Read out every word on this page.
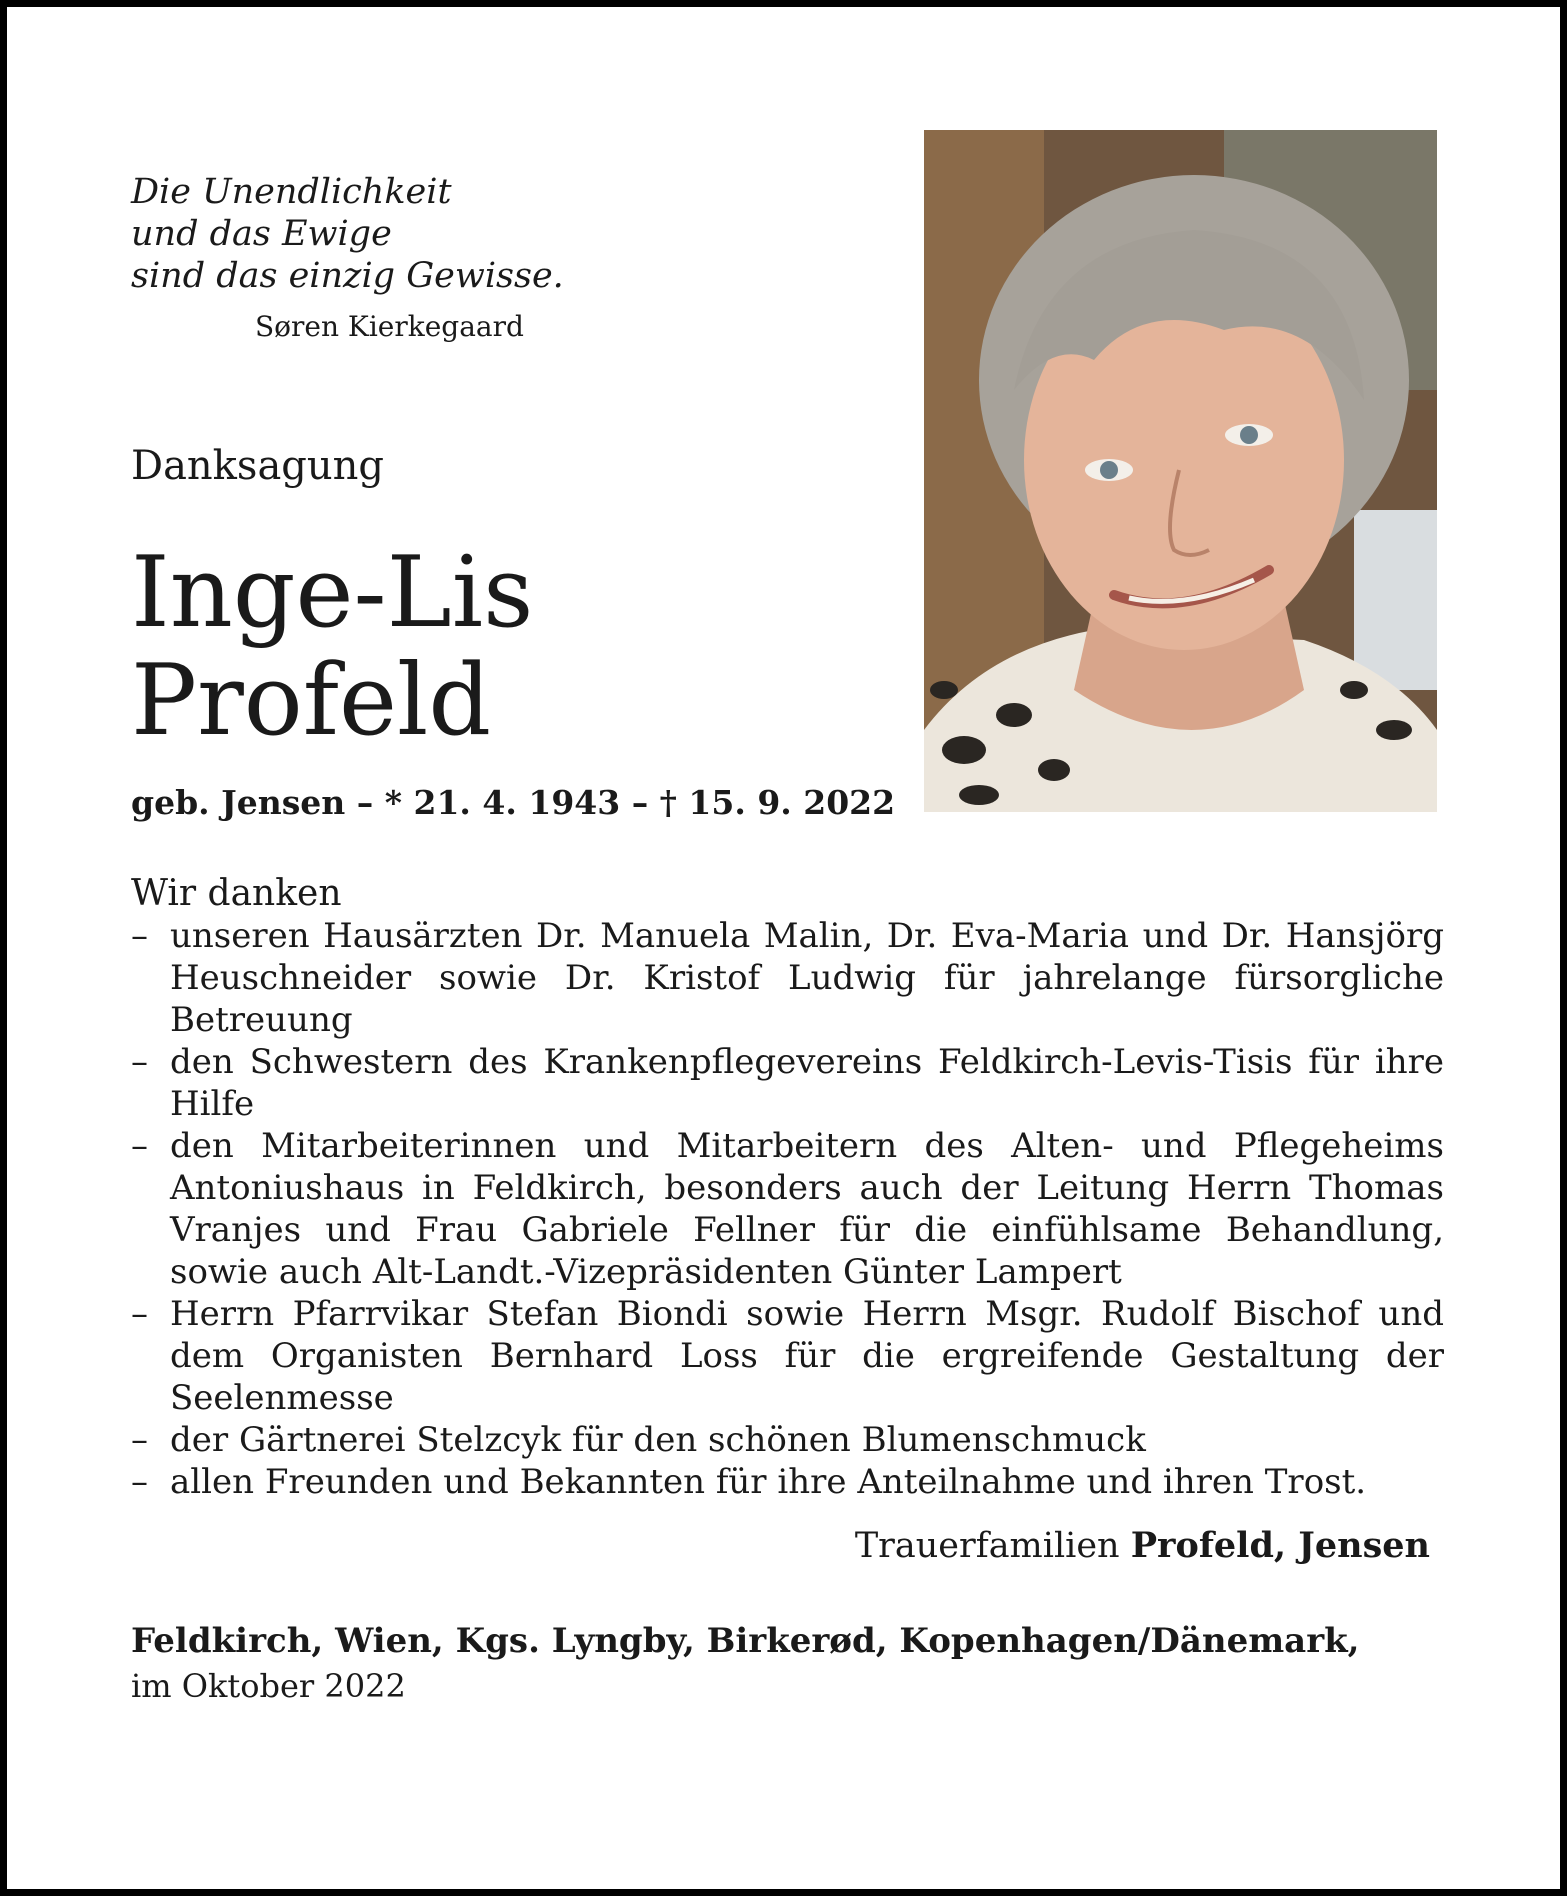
Die Unendlichkeit
und das Ewige
sind das einzig Gewisse.
Søren Kierkegaard
Danksagung
Inge-Lis
Profeld
geb. Jensen – * 21. 4. 1943 – † 15. 9. 2022
Wir danken
– unseren Hausärzten Dr. Manuela Malin, Dr. Eva-Maria und Dr. Hansjörg Heuschneider sowie Dr. Kristof Ludwig für jahrelange fürsorgliche Betreuung
– den Schwestern des Krankenpflegevereins Feldkirch-Levis-Tisis für ihre Hilfe
– den Mitarbeiterinnen und Mitarbeitern des Alten- und Pflegeheims Antoniushaus in Feldkirch, besonders auch der Leitung Herrn Thomas Vranjes und Frau Gabriele Fellner für die einfühlsame Behandlung, sowie auch Alt-Landt.-Vizepräsidenten Günter Lampert
– Herrn Pfarrvikar Stefan Biondi sowie Herrn Msgr. Rudolf Bischof und dem Organisten Bernhard Loss für die ergreifende Gestaltung der Seelenmesse
– der Gärtnerei Stelzcyk für den schönen Blumenschmuck
– allen Freunden und Bekannten für ihre Anteilnahme und ihren Trost.
Trauerfamilien Profeld, Jensen
Feldkirch, Wien, Kgs. Lyngby, Birkerød, Kopenhagen/Dänemark,
im Oktober 2022
